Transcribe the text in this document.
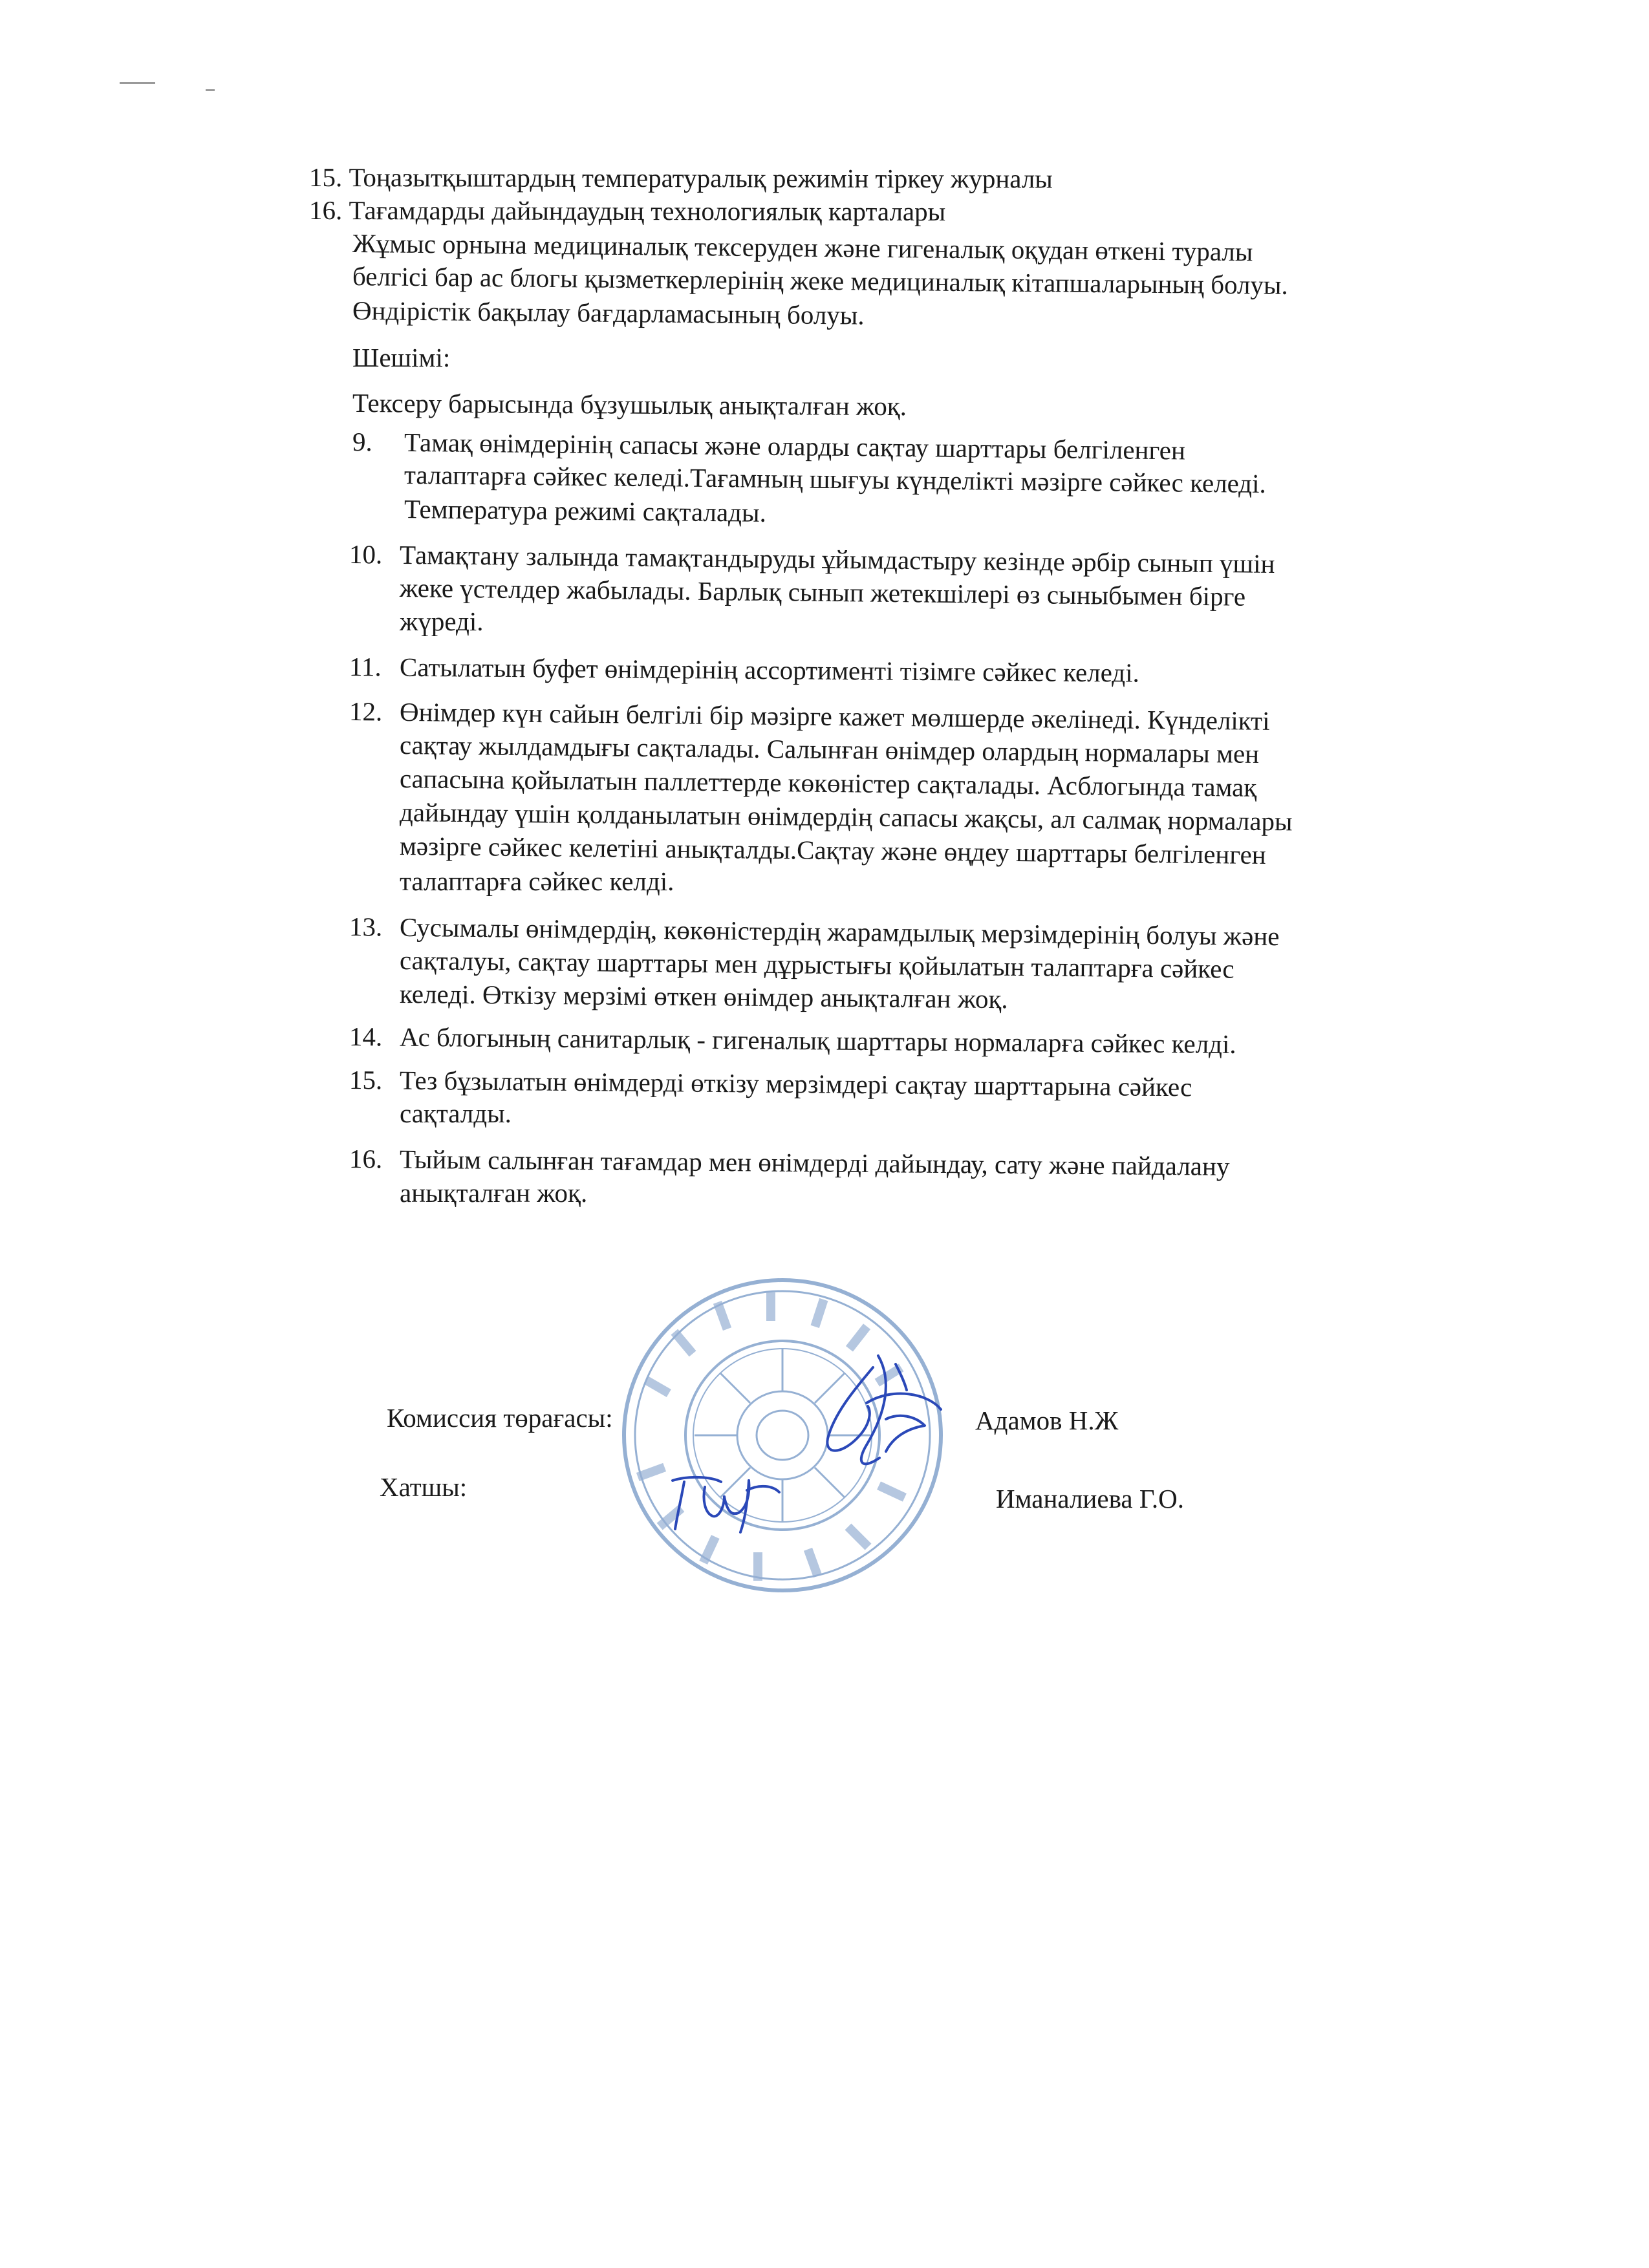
15. Тоңазытқыштардың температуралық режимін тіркеу журналы
16. Тағамдарды дайындаудың технологиялық карталары
Жұмыс орнына медициналық тексеруден және гигеналық оқудан өткені туралы
белгісі бар ас блогы қызметкерлерінің жеке медициналық кітапшаларының болуы.
Өндірістік бақылау бағдарламасының болуы.
Шешімі:
Тексеру барысында бұзушылық анықталған жоқ.
9. Тамақ өнімдерінің сапасы және оларды сақтау шарттары белгіленген
талаптарға сәйкес келеді.Тағамның шығуы күнделікті мәзірге сәйкес келеді.
Температура режимі сақталады.
10. Тамақтану залында тамақтандыруды ұйымдастыру кезінде әрбір сынып үшін
жеке үстелдер жабылады. Барлық сынып жетекшілері өз сыныбымен бірге
жүреді.
11. Сатылатын буфет өнімдерінің ассортименті тізімге сәйкес келеді.
12. Өнімдер күн сайын белгілі бір мәзірге кажет мөлшерде әкелінеді. Күнделікті
сақтау жылдамдығы сақталады. Салынған өнімдер олардың нормалары мен
сапасына қойылатын паллеттерде көкөністер сақталады. Асблогында тамақ
дайындау үшін қолданылатын өнімдердің сапасы жақсы, ал салмақ нормалары
мәзірге сәйкес келетіні анықталды.Сақтау және өңдеу шарттары белгіленген
талаптарға сәйкес келді.
13. Сусымалы өнімдердің, көкөністердің жарамдылық мерзімдерінің болуы және
сақталуы, сақтау шарттары мен дұрыстығы қойылатын талаптарға сәйкес
келеді. Өткізу мерзімі өткен өнімдер анықталған жоқ.
14. Ас блогының санитарлық - гигеналық шарттары нормаларға сәйкес келді.
15. Тез бұзылатын өнімдерді өткізу мерзімдері сақтау шарттарына сәйкес
сақталды.
16. Тыйым салынған тағамдар мен өнімдерді дайындау, сату және пайдалану
анықталған жоқ.
Комиссия төрағасы:	Адамов Н.Ж
Хатшы:	Иманалиева Г.О.
